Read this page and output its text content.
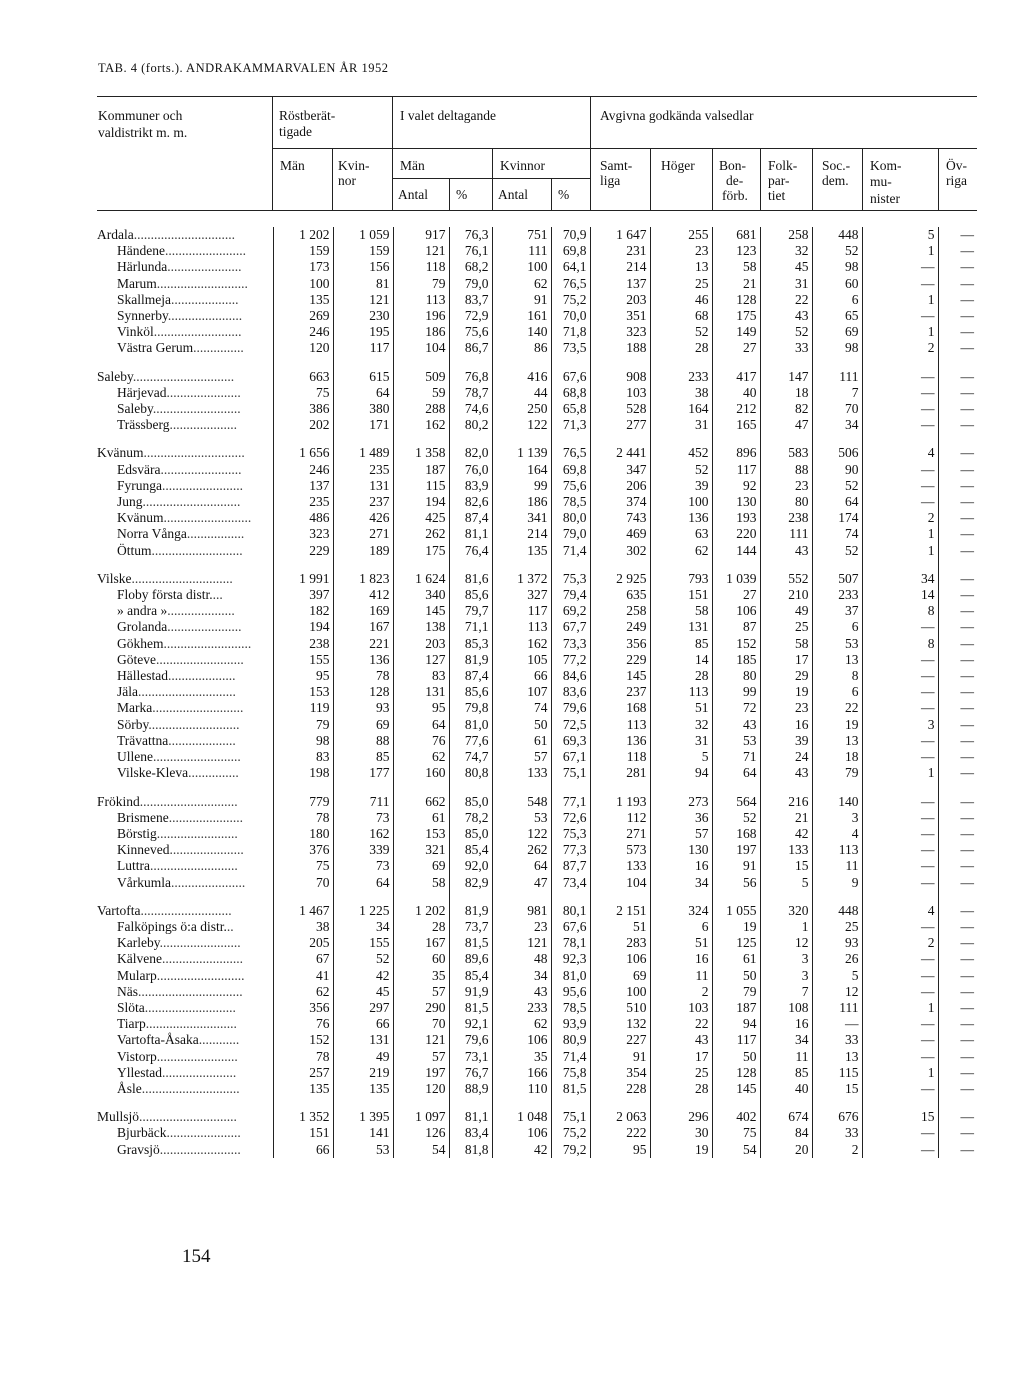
TAB. 4 (forts.). ANDRAKAMMARVALEN ÅR 1952
Kommuner och
valdistrikt m. m.
Röstberät-
tigade
Män Kvin-
nor
I valet deltagande
Män	Kvinnor
Antal % Antal %
Avgivna godkända valsedlar
Samt-
liga
Höger Bon-
de-
förb.
Folk-
par-
tiet
Soc.-
dem.
Kom-
mu-
nister
Öv-
riga
Ardala..............................	1 202	1 059	917	76,3	751	70,9	1 647	255	681	258	448	5	—
Händene........................	159	159	121	76,1	111	69,8	231	23	123	32	52	1	—
Härlunda......................	173	156	118	68,2	100	64,1	214	13	58	45	98	—	—
Marum...........................	100	81	79	79,0	62	76,5	137	25	21	31	60	—	—
Skallmeja....................	135	121	113	83,7	91	75,2	203	46	128	22	6	1	—
Synnerby......................	269	230	196	72,9	161	70,0	351	68	175	43	65	—	—
Vinköl..........................	246	195	186	75,6	140	71,8	323	52	149	52	69	1	—
Västra Gerum...............	120	117	104	86,7	86	73,5	188	28	27	33	98	2	—

Saleby..............................	663	615	509	76,8	416	67,6	908	233	417	147	111	—	—
Härjevad......................	75	64	59	78,7	44	68,8	103	38	40	18	7	—	—
Saleby..........................	386	380	288	74,6	250	65,8	528	164	212	82	70	—	—
Trässberg....................	202	171	162	80,2	122	71,3	277	31	165	47	34	—	—

Kvänum..............................	1 656	1 489	1 358	82,0	1 139	76,5	2 441	452	896	583	506	4	—
Edsvära........................	246	235	187	76,0	164	69,8	347	52	117	88	90	—	—
Fyrunga........................	137	131	115	83,9	99	75,6	206	39	92	23	52	—	—
Jung.............................	235	237	194	82,6	186	78,5	374	100	130	80	64	—	—
Kvänum..........................	486	426	425	87,4	341	80,0	743	136	193	238	174	2	—
Norra Vånga.................	323	271	262	81,1	214	79,0	469	63	220	111	74	1	—
Öttum...........................	229	189	175	76,4	135	71,4	302	62	144	43	52	1	—

Vilske..............................	1 991	1 823	1 624	81,6	1 372	75,3	2 925	793	1 039	552	507	34	—
Floby första distr....	397	412	340	85,6	327	79,4	635	151	27	210	233	14	—
» andra »....................	182	169	145	79,7	117	69,2	258	58	106	49	37	8	—
Grolanda......................	194	167	138	71,1	113	67,7	249	131	87	25	6	—	—
Gökhem..........................	238	221	203	85,3	162	73,3	356	85	152	58	53	8	—
Göteve..........................	155	136	127	81,9	105	77,2	229	14	185	17	13	—	—
Hällestad....................	95	78	83	87,4	66	84,6	145	28	80	29	8	—	—
Jäla.............................	153	128	131	85,6	107	83,6	237	113	99	19	6	—	—
Marka...........................	119	93	95	79,8	74	79,6	168	51	72	23	22	—	—
Sörby...........................	79	69	64	81,0	50	72,5	113	32	43	16	19	3	—
Trävattna....................	98	88	76	77,6	61	69,3	136	31	53	39	13	—	—
Ullene..........................	83	85	62	74,7	57	67,1	118	5	71	24	18	—	—
Vilske-Kleva...............	198	177	160	80,8	133	75,1	281	94	64	43	79	1	—

Frökind.............................	779	711	662	85,0	548	77,1	1 193	273	564	216	140	—	—
Brismene......................	78	73	61	78,2	53	72,6	112	36	52	21	3	—	—
Börstig........................	180	162	153	85,0	122	75,3	271	57	168	42	4	—	—
Kinneved......................	376	339	321	85,4	262	77,3	573	130	197	133	113	—	—
Luttra..........................	75	73	69	92,0	64	87,7	133	16	91	15	11	—	—
Vårkumla......................	70	64	58	82,9	47	73,4	104	34	56	5	9	—	—

Vartofta...........................	1 467	1 225	1 202	81,9	981	80,1	2 151	324	1 055	320	448	4	—
Falköpings ö:a distr...	38	34	28	73,7	23	67,6	51	6	19	1	25	—	—
Karleby........................	205	155	167	81,5	121	78,1	283	51	125	12	93	2	—
Kälvene........................	67	52	60	89,6	48	92,3	106	16	61	3	26	—	—
Mularp..........................	41	42	35	85,4	34	81,0	69	11	50	3	5	—	—
Näs...............................	62	45	57	91,9	43	95,6	100	2	79	7	12	—	—
Slöta...........................	356	297	290	81,5	233	78,5	510	103	187	108	111	1	—
Tiarp...........................	76	66	70	92,1	62	93,9	132	22	94	16	—	—	—
Vartofta-Åsaka............	152	131	121	79,6	106	80,9	227	43	117	34	33	—	—
Vistorp........................	78	49	57	73,1	35	71,4	91	17	50	11	13	—	—
Yllestad......................	257	219	197	76,7	166	75,8	354	25	128	85	115	1	—
Åsle.............................	135	135	120	88,9	110	81,5	228	28	145	40	15	—	—

Mullsjö.............................	1 352	1 395	1 097	81,1	1 048	75,1	2 063	296	402	674	676	15	—
Bjurbäck......................	151	141	126	83,4	106	75,2	222	30	75	84	33	—	—
Gravsjö........................	66	53	54	81,8	42	79,2	95	19	54	20	2	—	—
154
